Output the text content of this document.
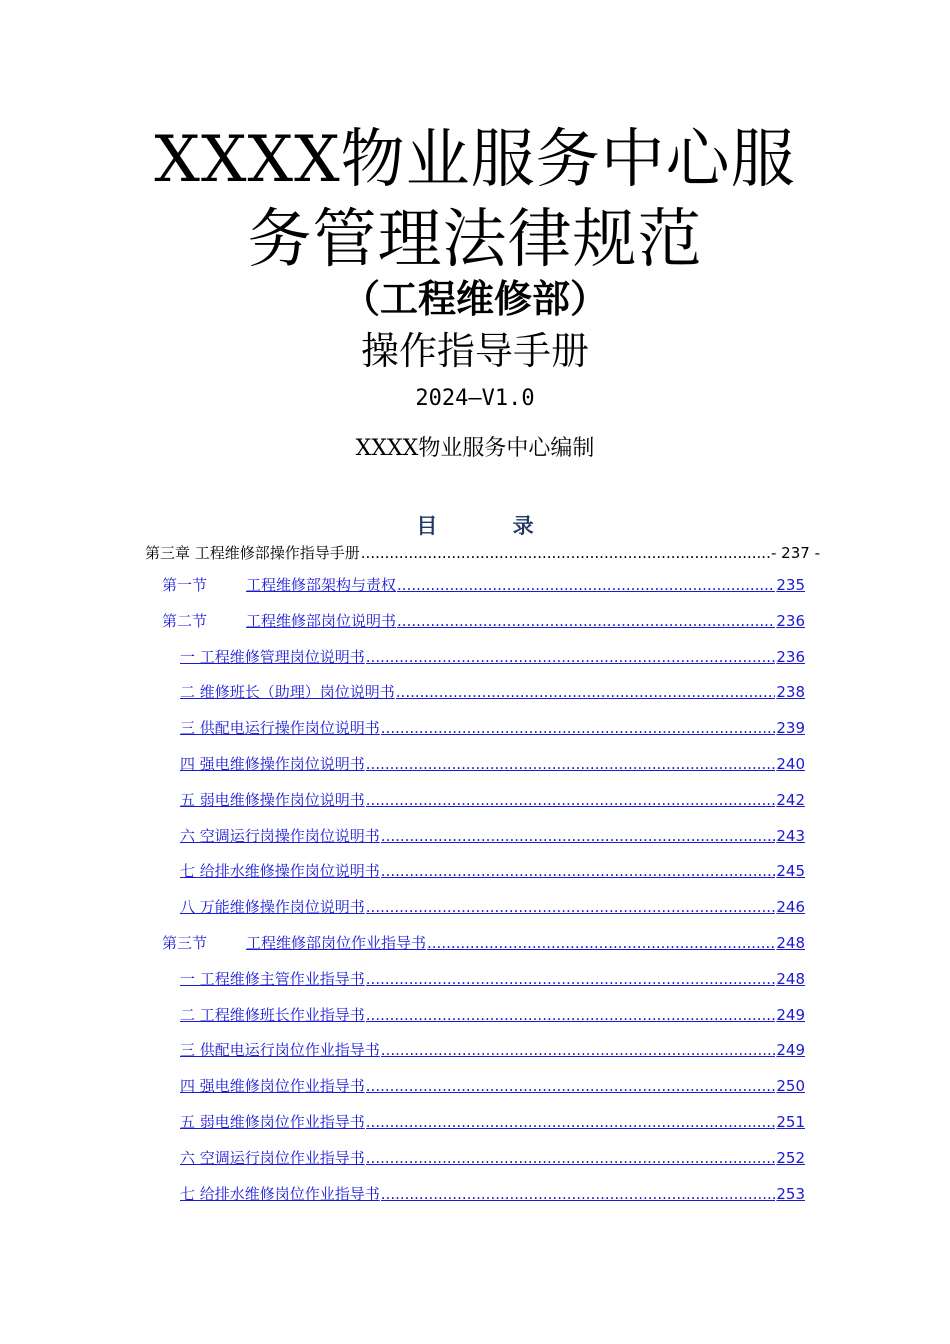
XXXX物业服务中心服
务管理法律规范
（工程维修部）
操作指导手册
2024—V1.0
XXXX物业服务中心编制
目 录
第三章 工程维修部操作指导手册 .....	- 237 -
第一节	工程维修部架构与责权 .....	235
第二节	工程维修部岗位说明书 .....	236
一 工程维修管理岗位说明书 .....	236
二 维修班长（助理）岗位说明书 .....	238
三 供配电运行操作岗位说明书 .....	239
四 强电维修操作岗位说明书 .....	240
五 弱电维修操作岗位说明书 .....	242
六 空调运行岗操作岗位说明书 .....	243
七 给排水维修操作岗位说明书 .....	245
八 万能维修操作岗位说明书 .....	246
第三节	工程维修部岗位作业指导书 .....	248
一 工程维修主管作业指导书 .....	248
二 工程维修班长作业指导书 .....	249
三 供配电运行岗位作业指导书 .....	249
四 强电维修岗位作业指导书 .....	250
五 弱电维修岗位作业指导书 .....	251
六 空调运行岗位作业指导书 .....	252
七 给排水维修岗位作业指导书 .....	253
